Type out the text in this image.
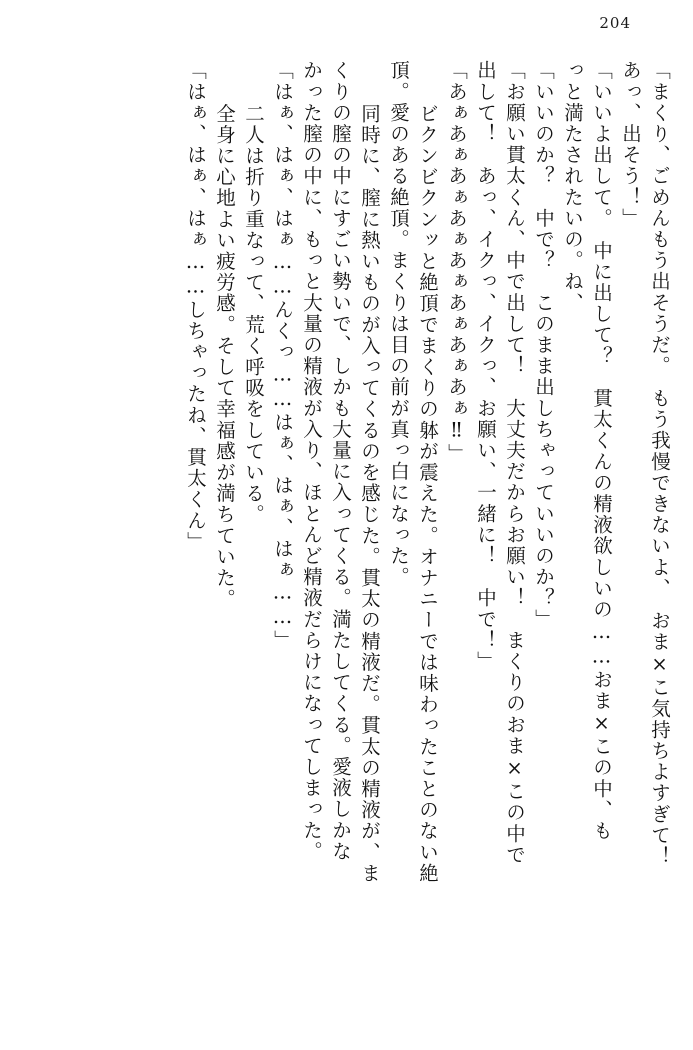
204
「まくり、ごめんもう出そうだ。　もう我慢できないよ、　おま×こ気持ちよすぎて！
あっ、出そう！」
「いいよ出して。　中に出して？　貫太くんの精液欲しいの……おま×この中、も
っと満たされたいの。ね、
「いいのか？　中で？　このまま出しちゃっていいのか？」
「お願い貫太くん、中で出して！　大丈夫だからお願い！　まくりのおま×この中で
出して！　あっ、イクっ、イクっ、お願い、一緒に！　中で！」
「あぁあぁあぁあぁあぁあぁあぁあぁ‼」
　ビクンビクンッと絶頂でまくりの躰が震えた。オナニーでは味わったことのない絶
頂。愛のある絶頂。まくりは目の前が真っ白になった。
　同時に、膣に熱いものが入ってくるのを感じた。貫太の精液だ。貫太の精液が、ま
くりの膣の中にすごい勢いで、しかも大量に入ってくる。満たしてくる。愛液しかな
かった膣の中に、もっと大量の精液が入り、ほとんど精液だらけになってしまった。
「はぁ、はぁ、はぁ……んくっ……はぁ、はぁ、はぁ……」
　二人は折り重なって、荒く呼吸をしている。
　全身に心地よい疲労感。そして幸福感が満ちていた。
「はぁ、はぁ、はぁ……しちゃったね、貫太くん」
